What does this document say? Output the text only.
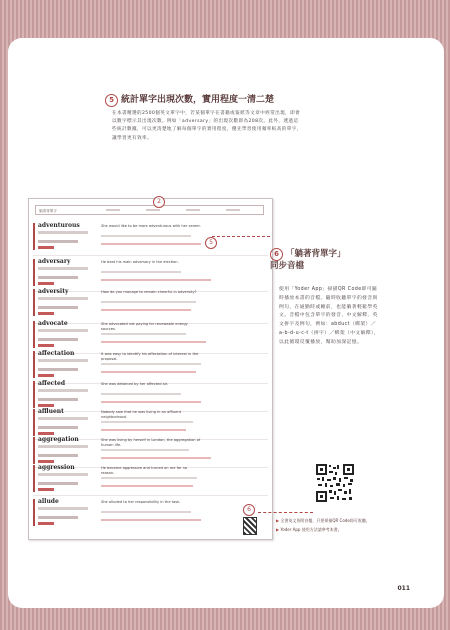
5 統計單字出現次數，實用程度一清二楚
在本書精選的2500個英文單字中，若某個單字在書籍或報紙等文章中經常出現，即會以數字標示其出現次數。例如「adversary」的出現次數即為208次。此外，透過這些統計數據，可以更清楚地了解每個單字的實用程度，優先學習使用頻率較高的單字，讓學習更有效率。
躺著背單字
2
5
6
adventurous	She would like to be more adventurous with her career.
adversary	He beat his main adversary in the election.
adversity	How do you manage to remain cheerful in adversity?
advocate	She advocated not paying for renewable energy sources.
affectation	It was easy to identify his affectation of interest in the proposal.
affected	She was detained by her affected air.
affluent	Nobody saw that he was living in an affluent neighborhood.
aggregation	She was living by herself in London, the aggregation of human life.
aggression	He became aggressive and turned on me for no reason.
allude	She alluded to her responsibility in the task.
6 「躺著背單字」
同步音檔
使用「Yoder App」掃描QR Code即可隨時播放本書的音檔。隨時收聽單字的發音與例句，在通勤時或睡前，也能躺著輕鬆學英文。音檔中包含單字的發音、中文解釋、英文拼字及例句，例如：abduct（綁架）／a-b-d-u-c-t（拼字）／綁架（中文解釋），以此循環反覆播放，幫助加深記憶。
▶ 全書英文皆附音檔，只要掃描QR Code即可收聽。
▶ Yoder App 使用方法請參考本書。
011
